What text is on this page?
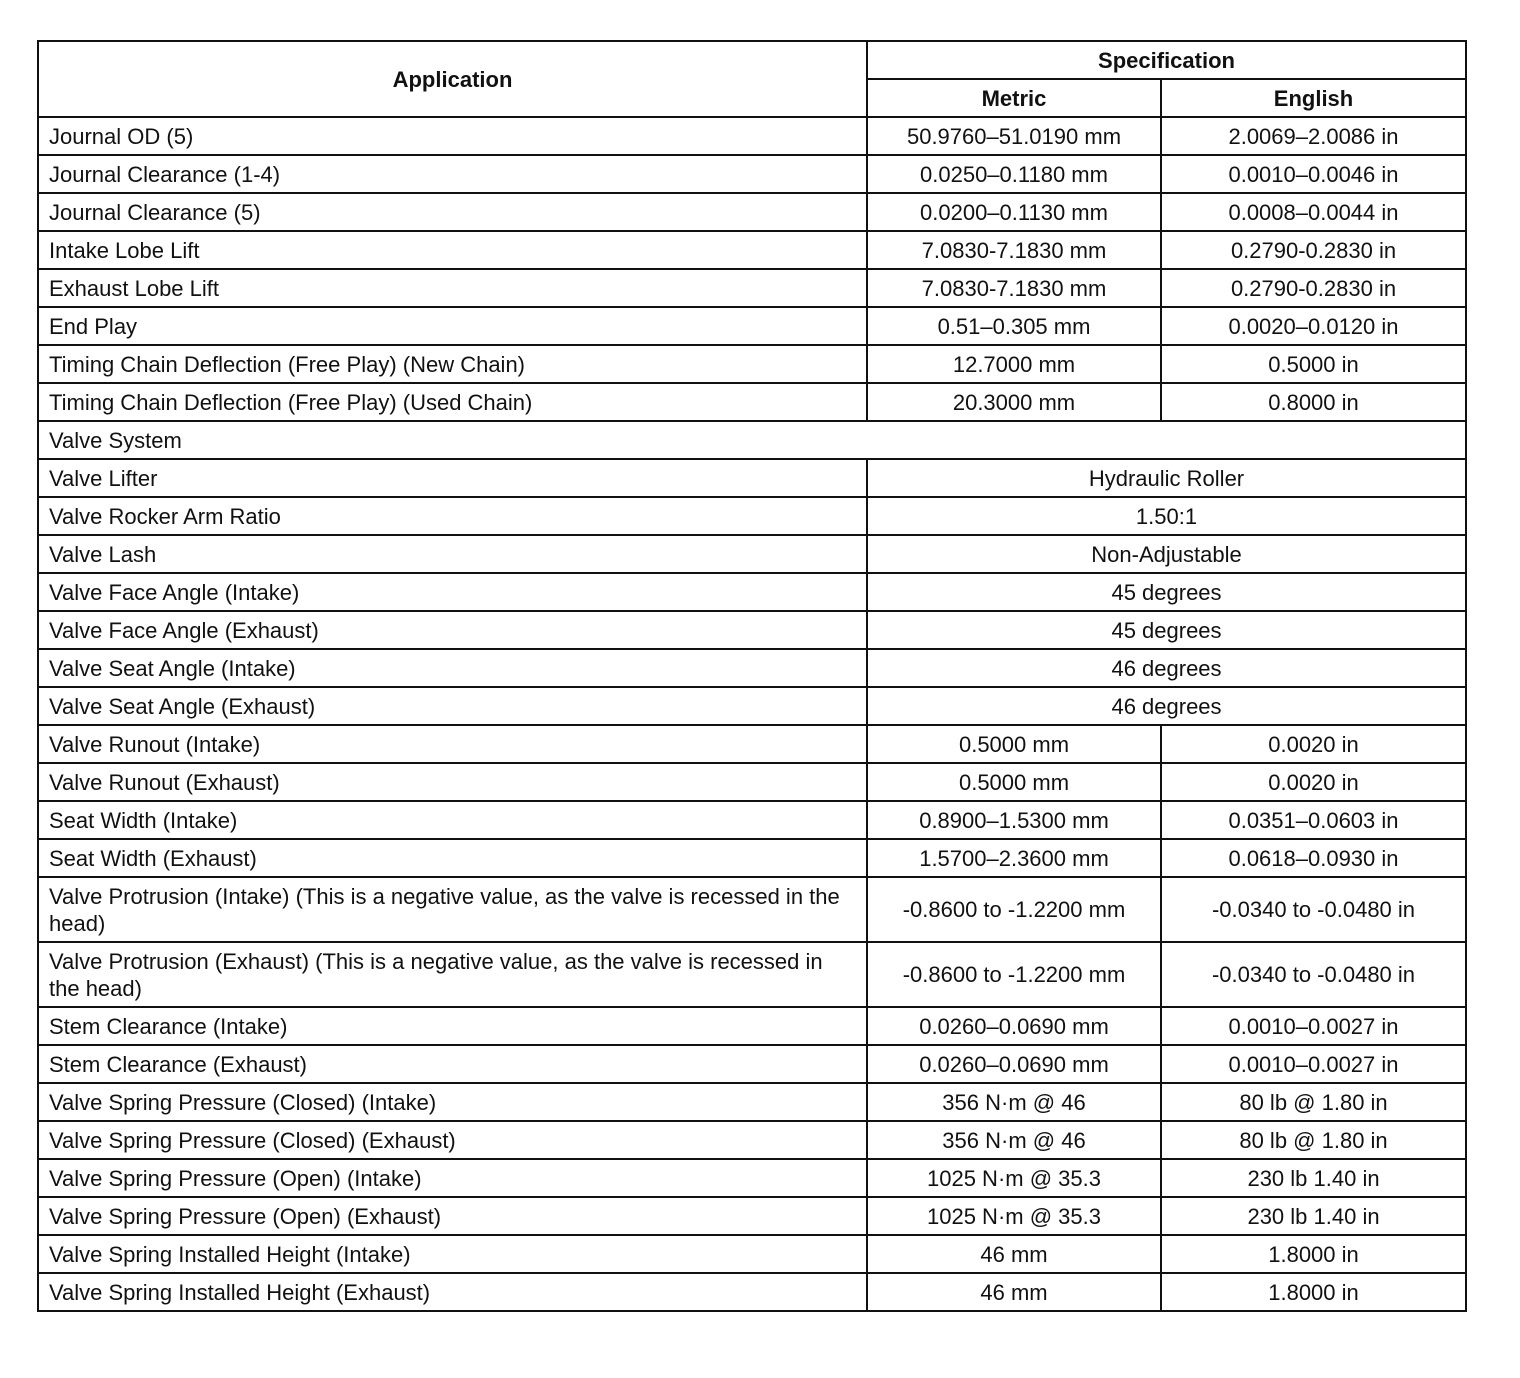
Application	Specification	
	Metric	English
Journal OD (5)	50.9760–51.0190 mm	2.0069–2.0086 in
Journal Clearance (1-4)	0.0250–0.1180 mm	0.0010–0.0046 in
Journal Clearance (5)	0.0200–0.1130 mm	0.0008–0.0044 in
Intake Lobe Lift	7.0830-7.1830 mm	0.2790-0.2830 in
Exhaust Lobe Lift	7.0830-7.1830 mm	0.2790-0.2830 in
End Play	0.51–0.305 mm	0.0020–0.0120 in
Timing Chain Deflection (Free Play) (New Chain)	12.7000 mm	0.5000 in
Timing Chain Deflection (Free Play) (Used Chain)	20.3000 mm	0.8000 in
Valve System		
Valve Lifter	Hydraulic Roller	
Valve Rocker Arm Ratio	1.50:1	
Valve Lash	Non-Adjustable	
Valve Face Angle (Intake)	45 degrees	
Valve Face Angle (Exhaust)	45 degrees	
Valve Seat Angle (Intake)	46 degrees	
Valve Seat Angle (Exhaust)	46 degrees	
Valve Runout (Intake)	0.5000 mm	0.0020 in
Valve Runout (Exhaust)	0.5000 mm	0.0020 in
Seat Width (Intake)	0.8900–1.5300 mm	0.0351–0.0603 in
Seat Width (Exhaust)	1.5700–2.3600 mm	0.0618–0.0930 in
Valve Protrusion (Intake) (This is a negative value, as the valve is recessed in the head)	-0.8600 to -1.2200 mm	-0.0340 to -0.0480 in
Valve Protrusion (Exhaust) (This is a negative value, as the valve is recessed in the head)	-0.8600 to -1.2200 mm	-0.0340 to -0.0480 in
Stem Clearance (Intake)	0.0260–0.0690 mm	0.0010–0.0027 in
Stem Clearance (Exhaust)	0.0260–0.0690 mm	0.0010–0.0027 in
Valve Spring Pressure (Closed) (Intake)	356 N·m @ 46	80 lb @ 1.80 in
Valve Spring Pressure (Closed) (Exhaust)	356 N·m @ 46	80 lb @ 1.80 in
Valve Spring Pressure (Open) (Intake)	1025 N·m @ 35.3	230 lb 1.40 in
Valve Spring Pressure (Open) (Exhaust)	1025 N·m @ 35.3	230 lb 1.40 in
Valve Spring Installed Height (Intake)	46 mm	1.8000 in
Valve Spring Installed Height (Exhaust)	46 mm	1.8000 in
